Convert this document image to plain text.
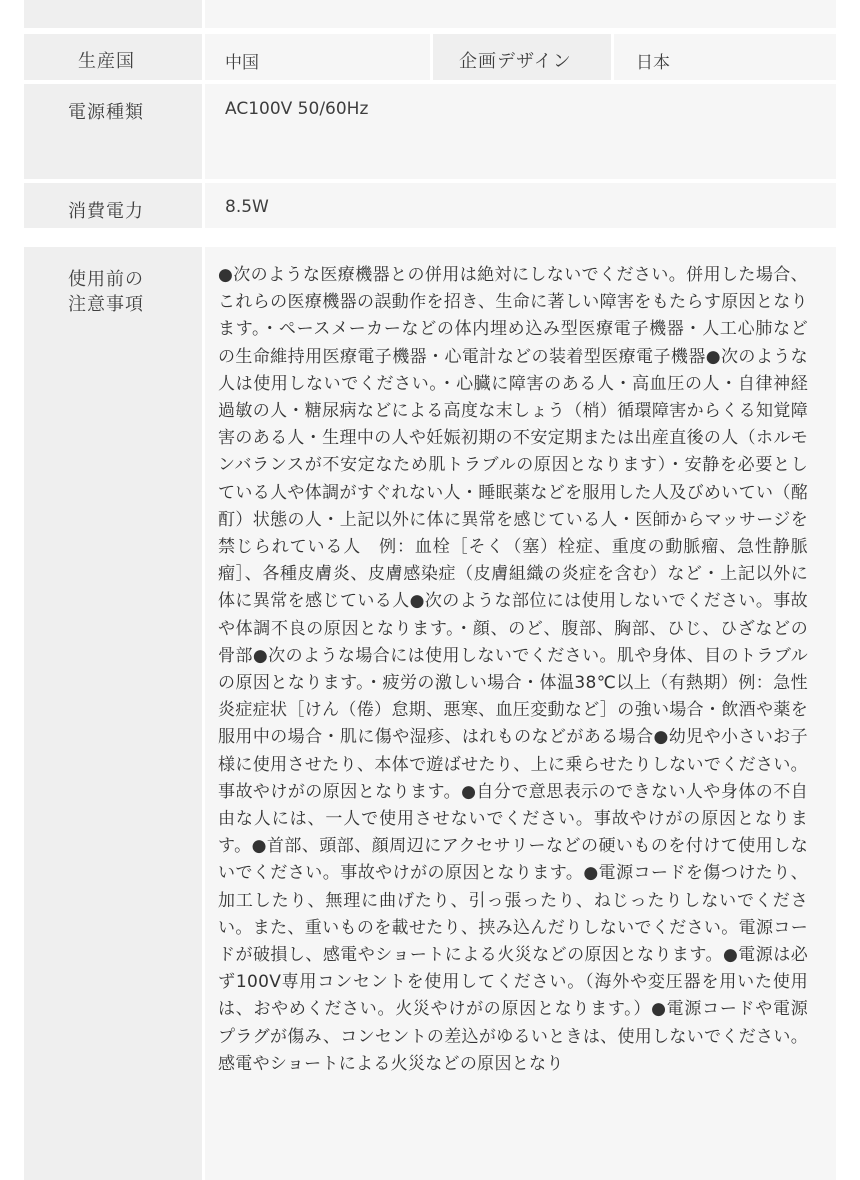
生産国	中国	企画デザイン	日本
電源種類	AC100V 50/60Hz
消費電力	8.5W
使用前の
注意事項

●次のような医療機器との併用は絶対にしないでください。併用した場合、これらの医療機器の誤動作を招き、生命に著しい障害をもたらす原因となります。・ペースメーカーなどの体内埋め込み型医療電子機器・人工心肺などの生命維持用医療電子機器・心電計などの装着型医療電子機器●次のような人は使用しないでください。・心臓に障害のある人・高血圧の人・自律神経過敏の人・糖尿病などによる高度な末しょう（梢）循環障害からくる知覚障害のある人・生理中の人や妊娠初期の不安定期または出産直後の人（ホルモンバランスが不安定なため肌トラブルの原因となります）・安静を必要としている人や体調がすぐれない人・睡眠薬などを服用した人及びめいてい（酩酊）状態の人・上記以外に体に異常を感じている人・医師からマッサージを禁じられている人　例：血栓［そく（塞）栓症、重度の動脈瘤、急性静脈瘤］、各種皮膚炎、皮膚感染症（皮膚組織の炎症を含む）など・上記以外に体に異常を感じている人●次のような部位には使用しないでください。事故や体調不良の原因となります。・顔、のど、腹部、胸部、ひじ、ひざなどの骨部●次のような場合には使用しないでください。肌や身体、目のトラブルの原因となります。・疲労の激しい場合・体温38℃以上（有熱期）例：急性炎症症状［けん（倦）怠期、悪寒、血圧変動など］の強い場合・飲酒や薬を服用中の場合・肌に傷や湿疹、はれものなどがある場合●幼児や小さいお子様に使用させたり、本体で遊ばせたり、上に乗らせたりしないでください。事故やけがの原因となります。●自分で意思表示のできない人や身体の不自由な人には、一人で使用させないでください。事故やけがの原因となります。●首部、頭部、顔周辺にアクセサリーなどの硬いものを付けて使用しないでください。事故やけがの原因となります。●電源コードを傷つけたり、加工したり、無理に曲げたり、引っ張ったり、ねじったりしないでください。また、重いものを載せたり、挟み込んだりしないでください。電源コードが破損し、感電やショートによる火災などの原因となります。●電源は必ず100V専用コンセントを使用してください。（海外や変圧器を用いた使用は、おやめください。火災やけがの原因となります。）●電源コードや電源プラグが傷み、コンセントの差込がゆるいときは、使用しないでください。感電やショートによる火災などの原因となり
